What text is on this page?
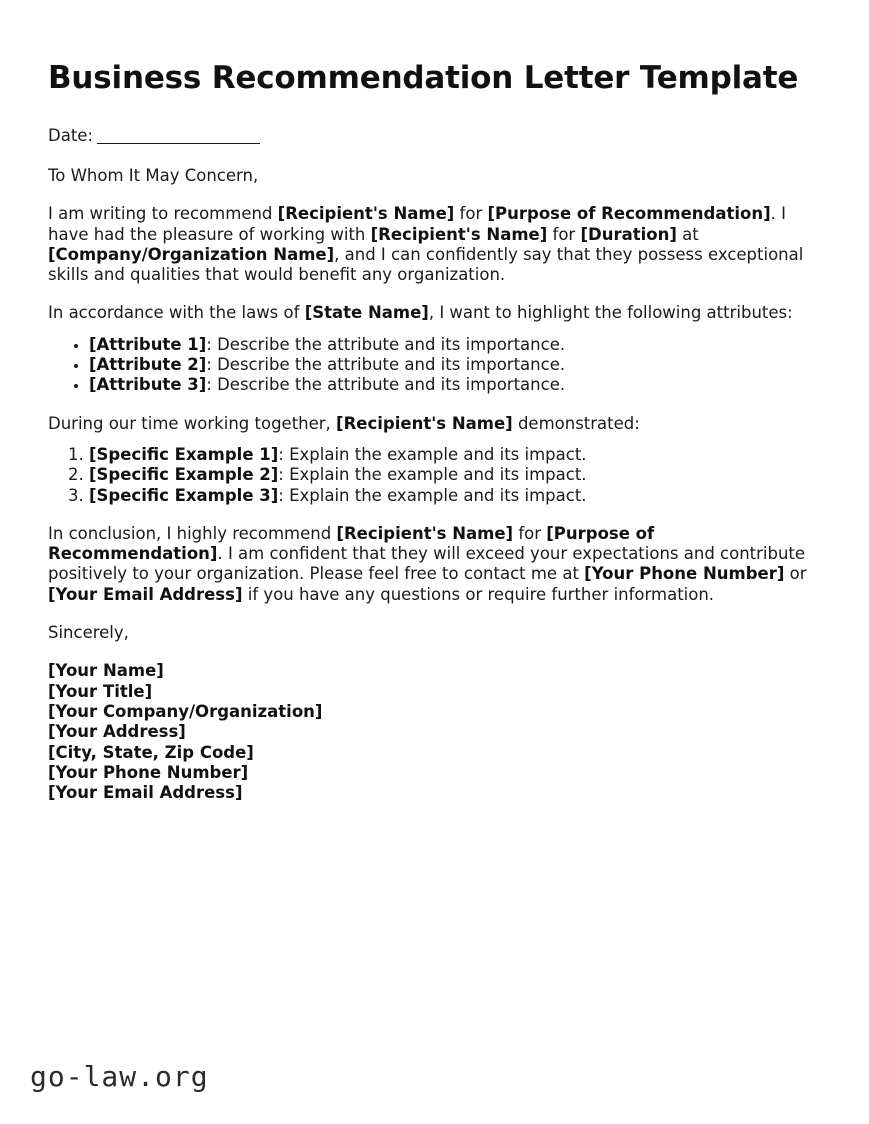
Business Recommendation Letter Template

Date:

To Whom It May Concern,

I am writing to recommend [Recipient's Name] for [Purpose of Recommendation]. I have had the pleasure of working with [Recipient's Name] for [Duration] at [Company/Organization Name], and I can confidently say that they possess exceptional skills and qualities that would benefit any organization.

In accordance with the laws of [State Name], I want to highlight the following attributes:

• [Attribute 1]: Describe the attribute and its importance.
• [Attribute 2]: Describe the attribute and its importance.
• [Attribute 3]: Describe the attribute and its importance.

During our time working together, [Recipient's Name] demonstrated:

1. [Specific Example 1]: Explain the example and its impact.
2. [Specific Example 2]: Explain the example and its impact.
3. [Specific Example 3]: Explain the example and its impact.

In conclusion, I highly recommend [Recipient's Name] for [Purpose of Recommendation]. I am confident that they will exceed your expectations and contribute positively to your organization. Please feel free to contact me at [Your Phone Number] or [Your Email Address] if you have any questions or require further information.

Sincerely,

[Your Name]
[Your Title]
[Your Company/Organization]
[Your Address]
[City, State, Zip Code]
[Your Phone Number]
[Your Email Address]
go-law.org
